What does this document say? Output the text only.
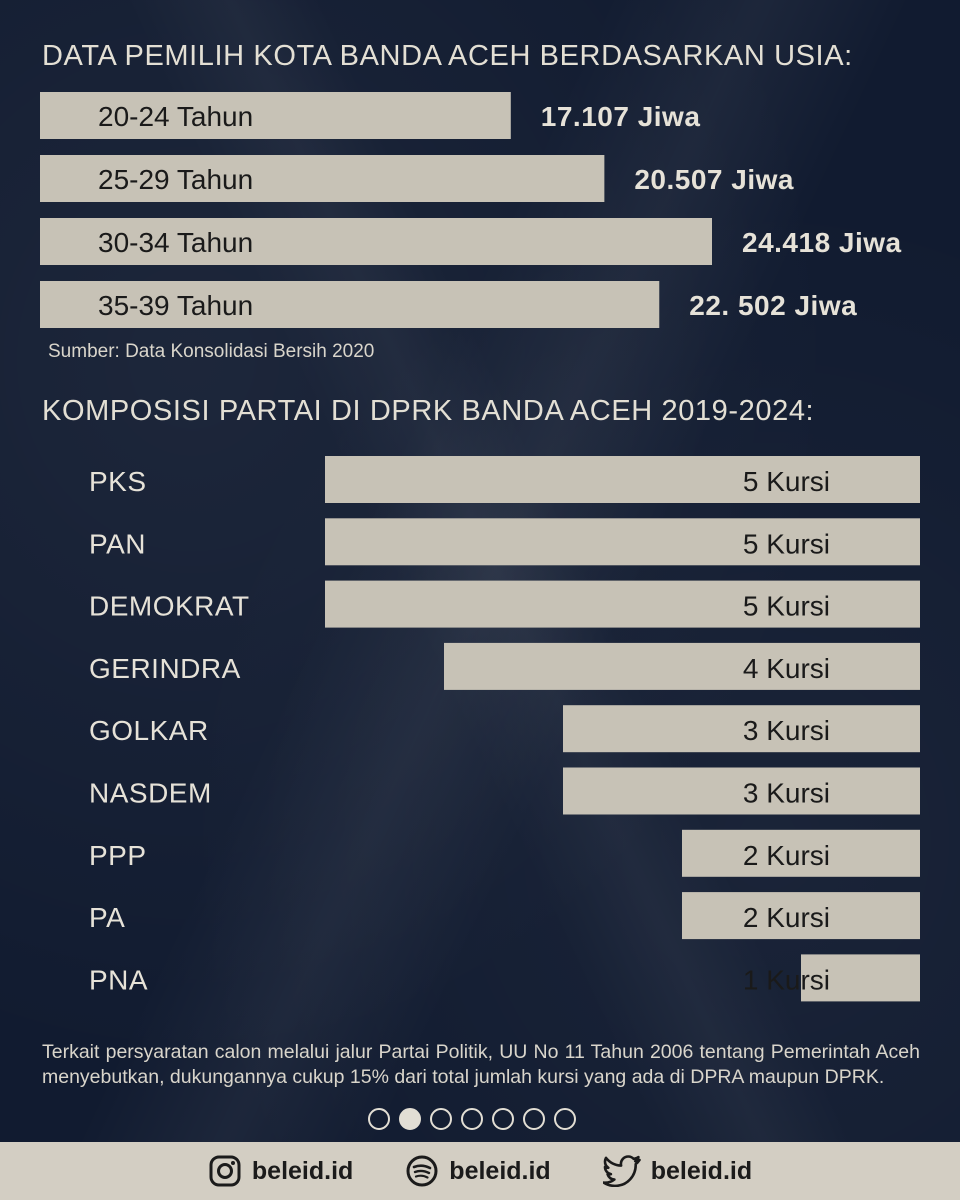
DATA PEMILIH KOTA BANDA ACEH BERDASARKAN USIA:
20-24 Tahun	17.107 Jiwa
25-29 Tahun	20.507 Jiwa
30-34 Tahun	24.418 Jiwa
35-39 Tahun	22. 502 Jiwa

Sumber: Data Konsolidasi Bersih 2020

KOMPOSISI PARTAI DI DPRK BANDA ACEH 2019-2024:
PKS	5 Kursi
PAN	5 Kursi
DEMOKRAT	5 Kursi
GERINDRA	4 Kursi
GOLKAR	3 Kursi
NASDEM	3 Kursi
PPP	2 Kursi
PA	2 Kursi
PNA	1 Kursi

Terkait persyaratan calon melalui jalur Partai Politik, UU No 11 Tahun 2006 tentang Pemerintah Aceh menyebutkan, dukungannya cukup 15% dari total jumlah kursi yang ada di DPRA maupun DPRK.

beleid.id	beleid.id	beleid.id
